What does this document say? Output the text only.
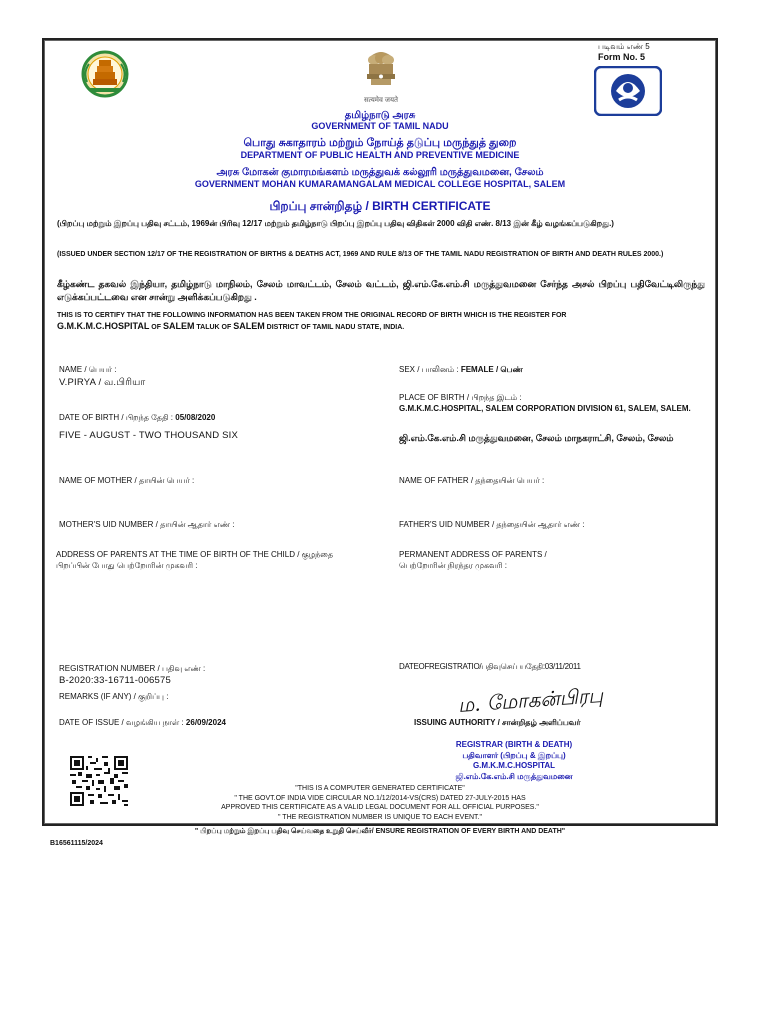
सत्यमेव जयते
படிவம் எண் 5
Form No. 5
தமிழ்நாடு அரசு
GOVERNMENT OF TAMIL NADU
பொது சுகாதாரம் மற்றும் நோய்த் தடுப்பு மருந்துத் துறை
DEPARTMENT OF PUBLIC HEALTH AND PREVENTIVE MEDICINE
அரசு மோகன் குமாரமங்களம் மருத்துவக் கல்லூரி மருத்துவமனை, சேலம்
GOVERNMENT MOHAN KUMARAMANGALAM MEDICAL COLLEGE HOSPITAL, SALEM
பிறப்பு சான்றிதழ் / BIRTH CERTIFICATE
(பிறப்பு மற்றும் இறப்பு பதிவு சட்டம், 1969ன் பிரிவு 12/17 மற்றும் தமிழ்நாடு பிறப்பு இறப்பு பதிவு விதிகள் 2000 விதி எண். 8/13 இன் கீழ் வழங்கப்படுகிறது.)
(ISSUED UNDER SECTION 12/17 OF THE REGISTRATION OF BIRTHS & DEATHS ACT, 1969 AND RULE 8/13 OF THE TAMIL NADU REGISTRATION OF BIRTH AND DEATH RULES 2000.)
கீழ்கண்ட தகவல் இந்தியா, தமிழ்நாடு மாநிலம், சேலம் மாவட்டம், சேலம் வட்டம், ஜி.எம்.கே.எம்.சி மருத்துவமனை சேர்ந்த அசல் பிறப்பு பதிவேட்டிலிருந்து எடுக்கப்பட்டவை என சான்று அளிக்கப்படுகிறது .
THIS IS TO CERTIFY THAT THE FOLLOWING INFORMATION HAS BEEN TAKEN FROM THE ORIGINAL RECORD OF BIRTH WHICH IS THE REGISTER FOR
G.M.K.M.C.HOSPITAL OF SALEM TALUK OF SALEM DISTRICT OF TAMIL NADU STATE, INDIA.
NAME / பெயர் :
V.PIRYA / வ.பிரியா
DATE OF BIRTH / பிறந்த தேதி : 05/08/2020
FIVE - AUGUST - TWO THOUSAND SIX
NAME OF MOTHER / தாயின் பெயர் :
MOTHER'S UID NUMBER / தாயின் ஆதார் எண் :
ADDRESS OF PARENTS AT THE TIME OF BIRTH OF THE CHILD / குழந்தை
பிறப்பின் போது பெற்றோரின் முகவரி :
REGISTRATION NUMBER / பதிவு எண் :
B-2020:33-16711-006575
REMARKS (IF ANY) / குறிப்பு :
DATE OF ISSUE / வழங்கிய நாள் : 26/09/2024
SEX / பாலினம் : FEMALE / பெண்
PLACE OF BIRTH / பிறந்த இடம் :
G.M.K.M.C.HOSPITAL, SALEM CORPORATION DIVISION 61, SALEM, SALEM.
ஜி.எம்.கே.எம்.சி மருத்துவமனை, சேலம் மாநகராட்சி, சேலம், சேலம்
NAME OF FATHER / தந்தையின் பெயர் :
FATHER'S UID NUMBER / தந்தையின் ஆதார் எண் :
PERMANENT ADDRESS OF PARENTS /
பெற்றோரின் நிரந்தர முகவரி :
DATEOFREGISTRATIO/பதிவுசெய் யதேதி:03/11/2011
ம. மோகன்பிரபு
ISSUING AUTHORITY / சான்றிதழ் அளிப்பவர்
REGISTRAR (BIRTH & DEATH)
பதிவாளர் (பிறப்பு & இறப்பு)
G.M.K.M.C.HOSPITAL
ஜி.எம்.கே.எம்.சி மருத்துவமனை
"THIS IS A COMPUTER GENERATED CERTIFICATE"
" THE GOVT.OF INDIA VIDE CIRCULAR NO.1/12/2014-VS(CRS) DATED 27-JULY-2015 HAS
APPROVED THIS CERTIFICATE AS A VALID LEGAL DOCUMENT FOR ALL OFFICIAL PURPOSES."
" THE REGISTRATION NUMBER IS UNIQUE TO EACH EVENT."
" பிறப்பு மற்றும் இறப்பு பதிவு செய்வதை உறுதி செய்வீர்/ ENSURE REGISTRATION OF EVERY BIRTH AND DEATH"
B16561115/2024
